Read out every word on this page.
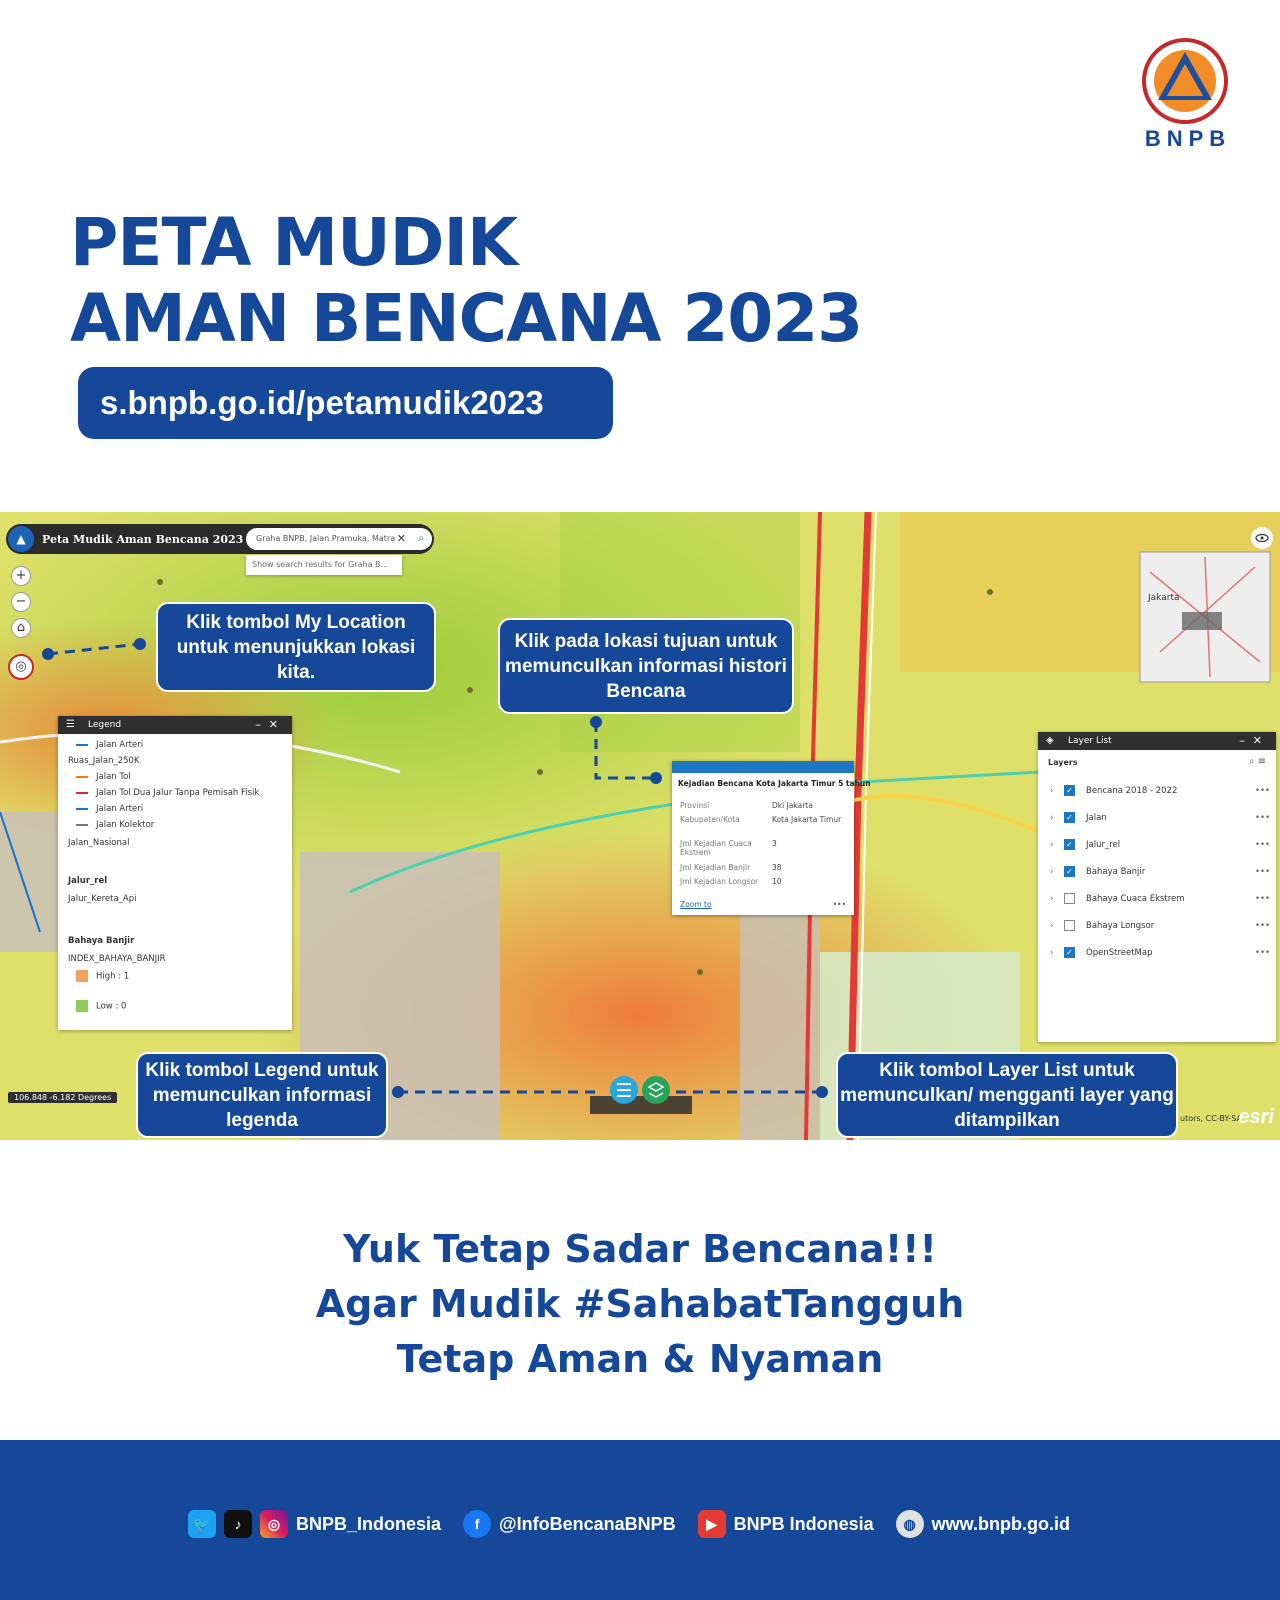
BNPB
PETA MUDIK
AMAN BENCANA 2023
s.bnpb.go.id/petamudik2023
Jakarta
▲	Peta Mudik Aman Bencana 2023	Graha BNPB, Jalan Pramuka, Matra ✕ ⌕
Show search results for Graha B...
+
−
⌂
◎
Klik tombol My Location untuk menunjukkan lokasi kita.
Klik pada lokasi tujuan untuk memunculkan informasi histori Bencana
Klik tombol Legend untuk memunculkan informasi legenda
Klik tombol Layer List untuk memunculkan/ mengganti layer yang ditampilkan
☰ Legend	–✕
Jalan Arteri
Ruas_Jalan_250K
Jalan Tol
Jalan Tol Dua Jalur Tanpa Pemisah Fisik
Jalan Arteri
Jalan Kolektor
Jalan_Nasional
Jalur_rel
Jalur_Kereta_Api
Bahaya Banjir
INDEX_BAHAYA_BANJIR
High : 1
Low : 0
Kejadian Bencana Kota Jakarta Timur 5 tahun
Provinsi	Dki Jakarta
Kabupaten/Kota	Kota Jakarta Timur
Jml Kejadian Cuaca Ekstrem
3
Jml Kejadian Banjir	38
Jml Kejadian Longsor	10
Zoom to	•••
◈ Layer List	–✕
Layers	⌕ ≡
› ✓ Bencana 2018 - 2022	•••
› ✓ Jalan	•••
› ✓ Jalur_rel	•••
› ✓ Bahaya Banjir	•••
›	Bahaya Cuaca Ekstrem	•••
›	Bahaya Longsor	•••
› ✓ OpenStreetMap	•••
106.848 -6.182 Degrees
utors, CC-BY-SA
esri
Yuk Tetap Sadar Bencana!!!
Agar Mudik #SahabatTangguh
Tetap Aman & Nyaman
🐦	♪	◎ BNPB_Indonesia	f	@InfoBencanaBNPB	▶ BNPB Indonesia	◍ www.bnpb.go.id
